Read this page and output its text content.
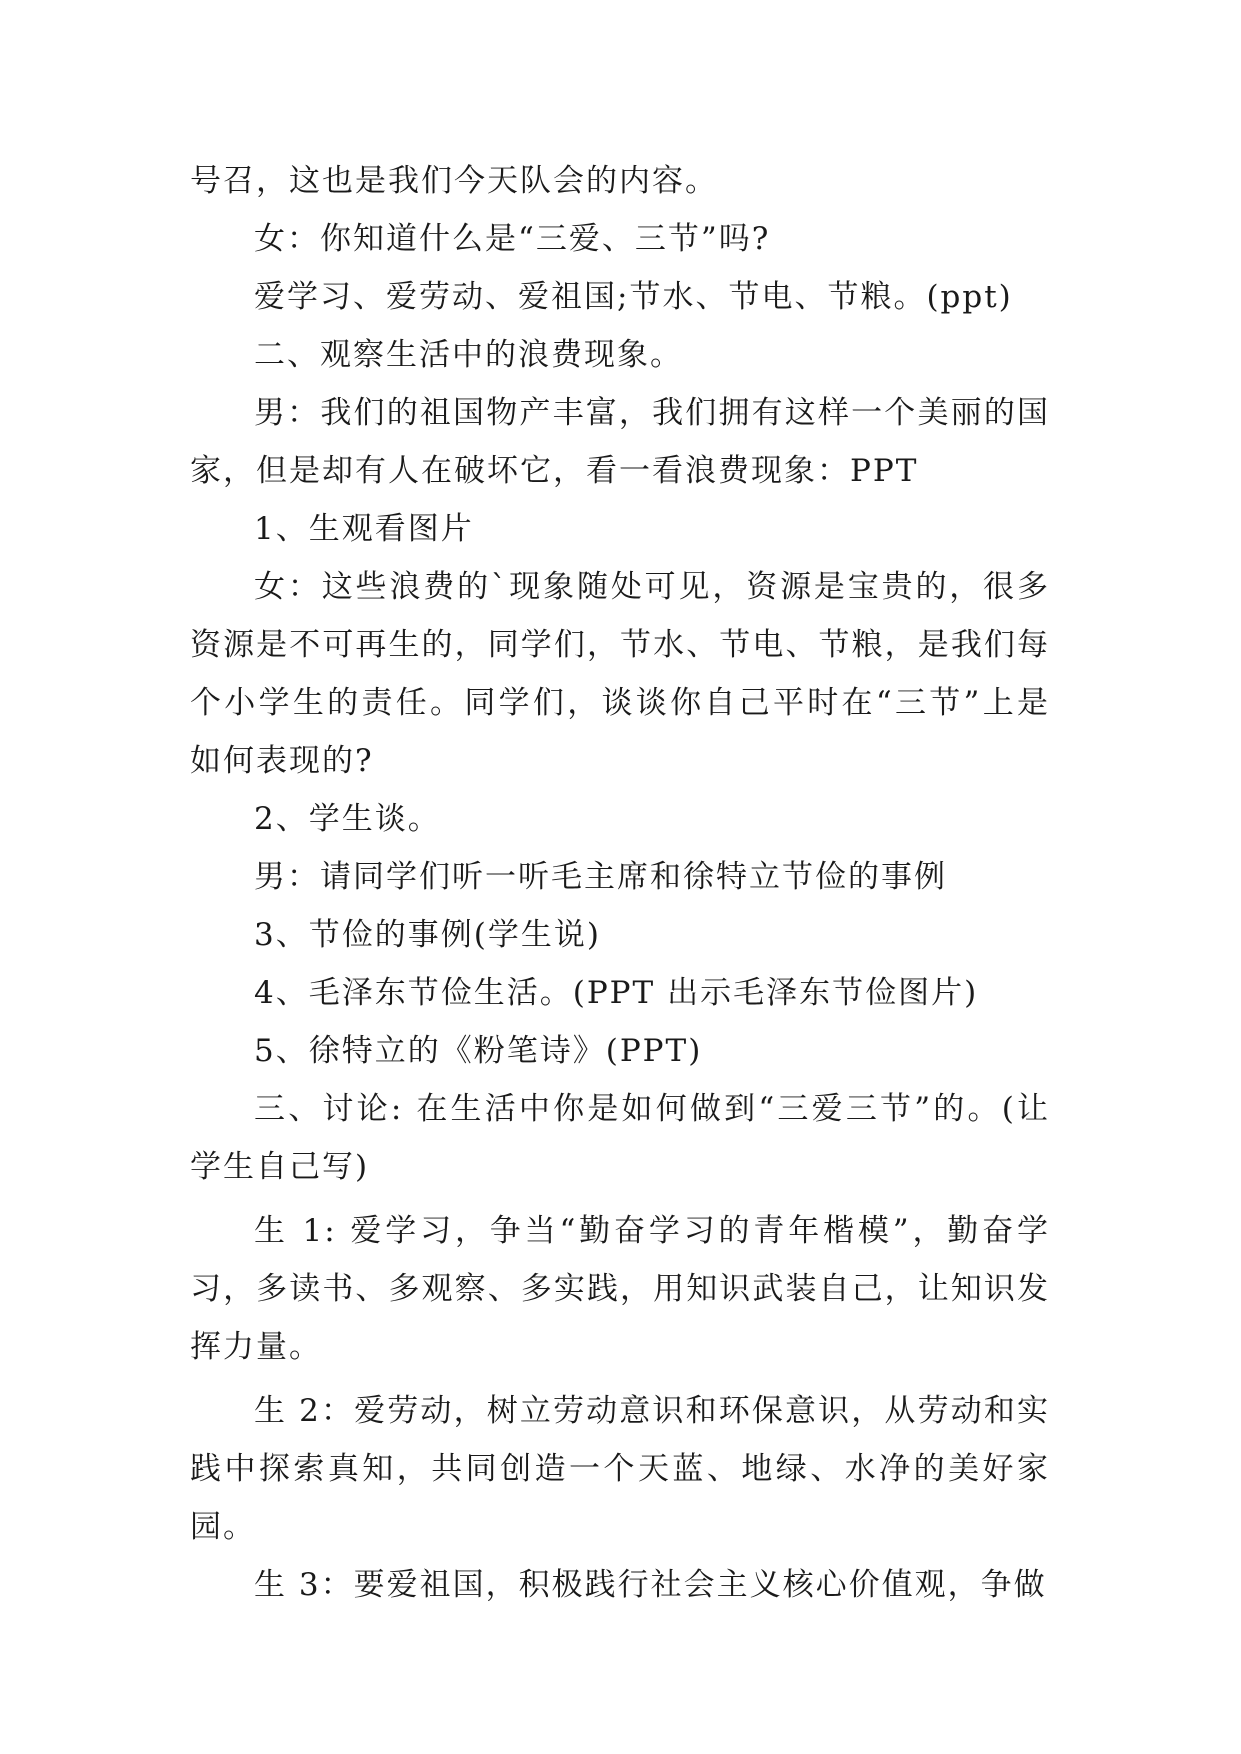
号召，这也是我们今天队会的内容。

女：你知道什么是“三爱、三节”吗?

爱学习、爱劳动、爱祖国;节水、节电、节粮。(ppt)

二、观察生活中的浪费现象。

男：我们的祖国物产丰富，我们拥有这样一个美丽的国家，但是却有人在破坏它，看一看浪费现象：PPT

1、生观看图片

女：这些浪费的`现象随处可见，资源是宝贵的，很多资源是不可再生的，同学们，节水、节电、节粮，是我们每个小学生的责任。同学们，谈谈你自己平时在“三节”上是如何表现的?

2、学生谈。

男：请同学们听一听毛主席和徐特立节俭的事例

3、节俭的事例(学生说)

4、毛泽东节俭生活。(PPT 出示毛泽东节俭图片)

5、徐特立的《粉笔诗》(PPT)

三、讨论: 在生活中你是如何做到“三爱三节”的。(让学生自己写)

生 1: 爱学习，争当“勤奋学习的青年楷模”，勤奋学习，多读书、多观察、多实践，用知识武装自己，让知识发挥力量。

生 2：爱劳动，树立劳动意识和环保意识，从劳动和实践中探索真知，共同创造一个天蓝、地绿、水净的美好家园。

生 3：要爱祖国，积极践行社会主义核心价值观，争做
